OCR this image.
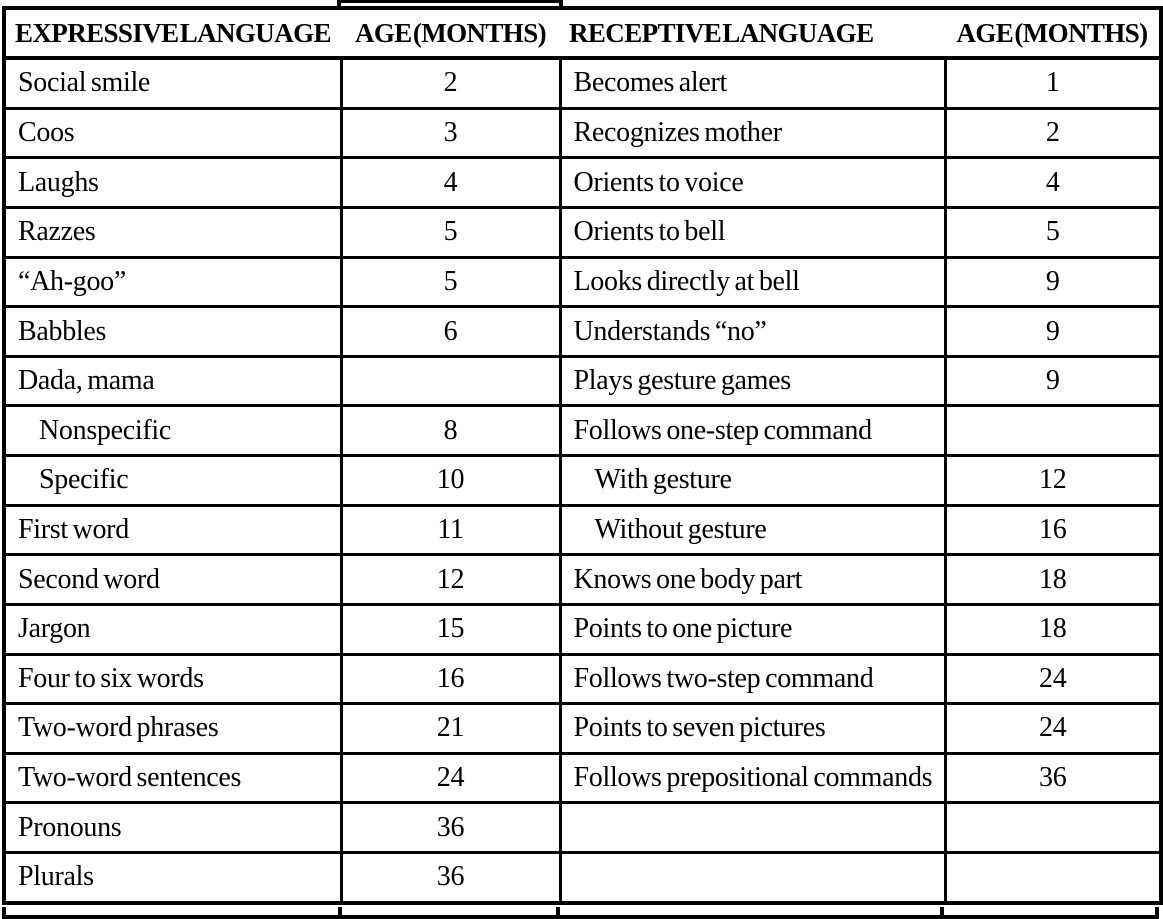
EXPRESSIVE LANGUAGE	AGE (MONTHS)	RECEPTIVE LANGUAGE	AGE (MONTHS)
Social smile	2	Becomes alert	1
Coos	3	Recognizes mother	2
Laughs	4	Orients to voice	4
Razzes	5	Orients to bell	5
“Ah-goo”	5	Looks directly at bell	9
Babbles	6	Understands “no”	9
Dada, mama		Plays gesture games	9
Nonspecific	8	Follows one-step command	
Specific	10	With gesture	12
First word	11	Without gesture	16
Second word	12	Knows one body part	18
Jargon	15	Points to one picture	18
Four to six words	16	Follows two-step command	24
Two-word phrases	21	Points to seven pictures	24
Two-word sentences	24	Follows prepositional commands	36
Pronouns	36		
Plurals	36		
